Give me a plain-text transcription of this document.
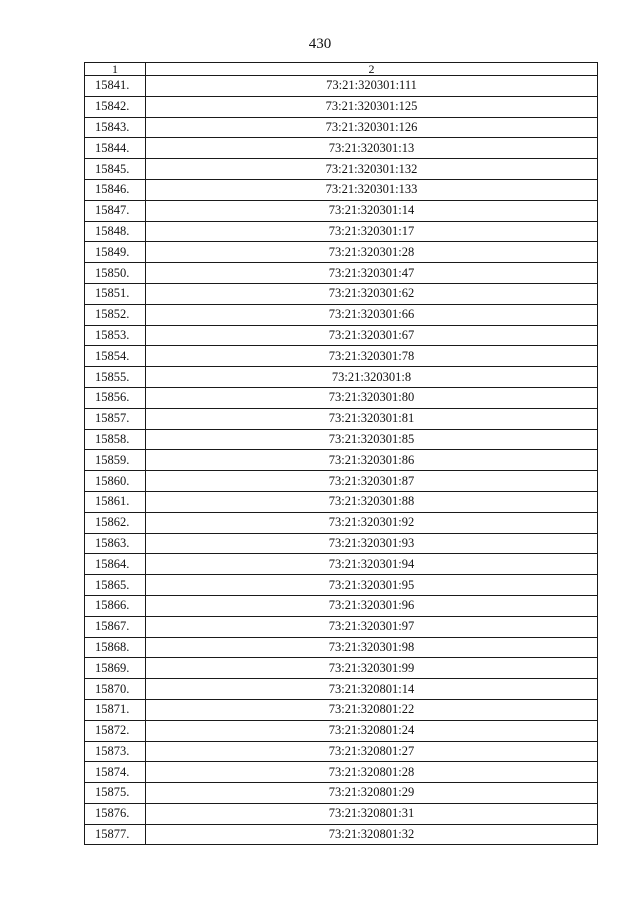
430
1	2
15841.	73:21:320301:111
15842.	73:21:320301:125
15843.	73:21:320301:126
15844.	73:21:320301:13
15845.	73:21:320301:132
15846.	73:21:320301:133
15847.	73:21:320301:14
15848.	73:21:320301:17
15849.	73:21:320301:28
15850.	73:21:320301:47
15851.	73:21:320301:62
15852.	73:21:320301:66
15853.	73:21:320301:67
15854.	73:21:320301:78
15855.	73:21:320301:8
15856.	73:21:320301:80
15857.	73:21:320301:81
15858.	73:21:320301:85
15859.	73:21:320301:86
15860.	73:21:320301:87
15861.	73:21:320301:88
15862.	73:21:320301:92
15863.	73:21:320301:93
15864.	73:21:320301:94
15865.	73:21:320301:95
15866.	73:21:320301:96
15867.	73:21:320301:97
15868.	73:21:320301:98
15869.	73:21:320301:99
15870.	73:21:320801:14
15871.	73:21:320801:22
15872.	73:21:320801:24
15873.	73:21:320801:27
15874.	73:21:320801:28
15875.	73:21:320801:29
15876.	73:21:320801:31
15877.	73:21:320801:32
